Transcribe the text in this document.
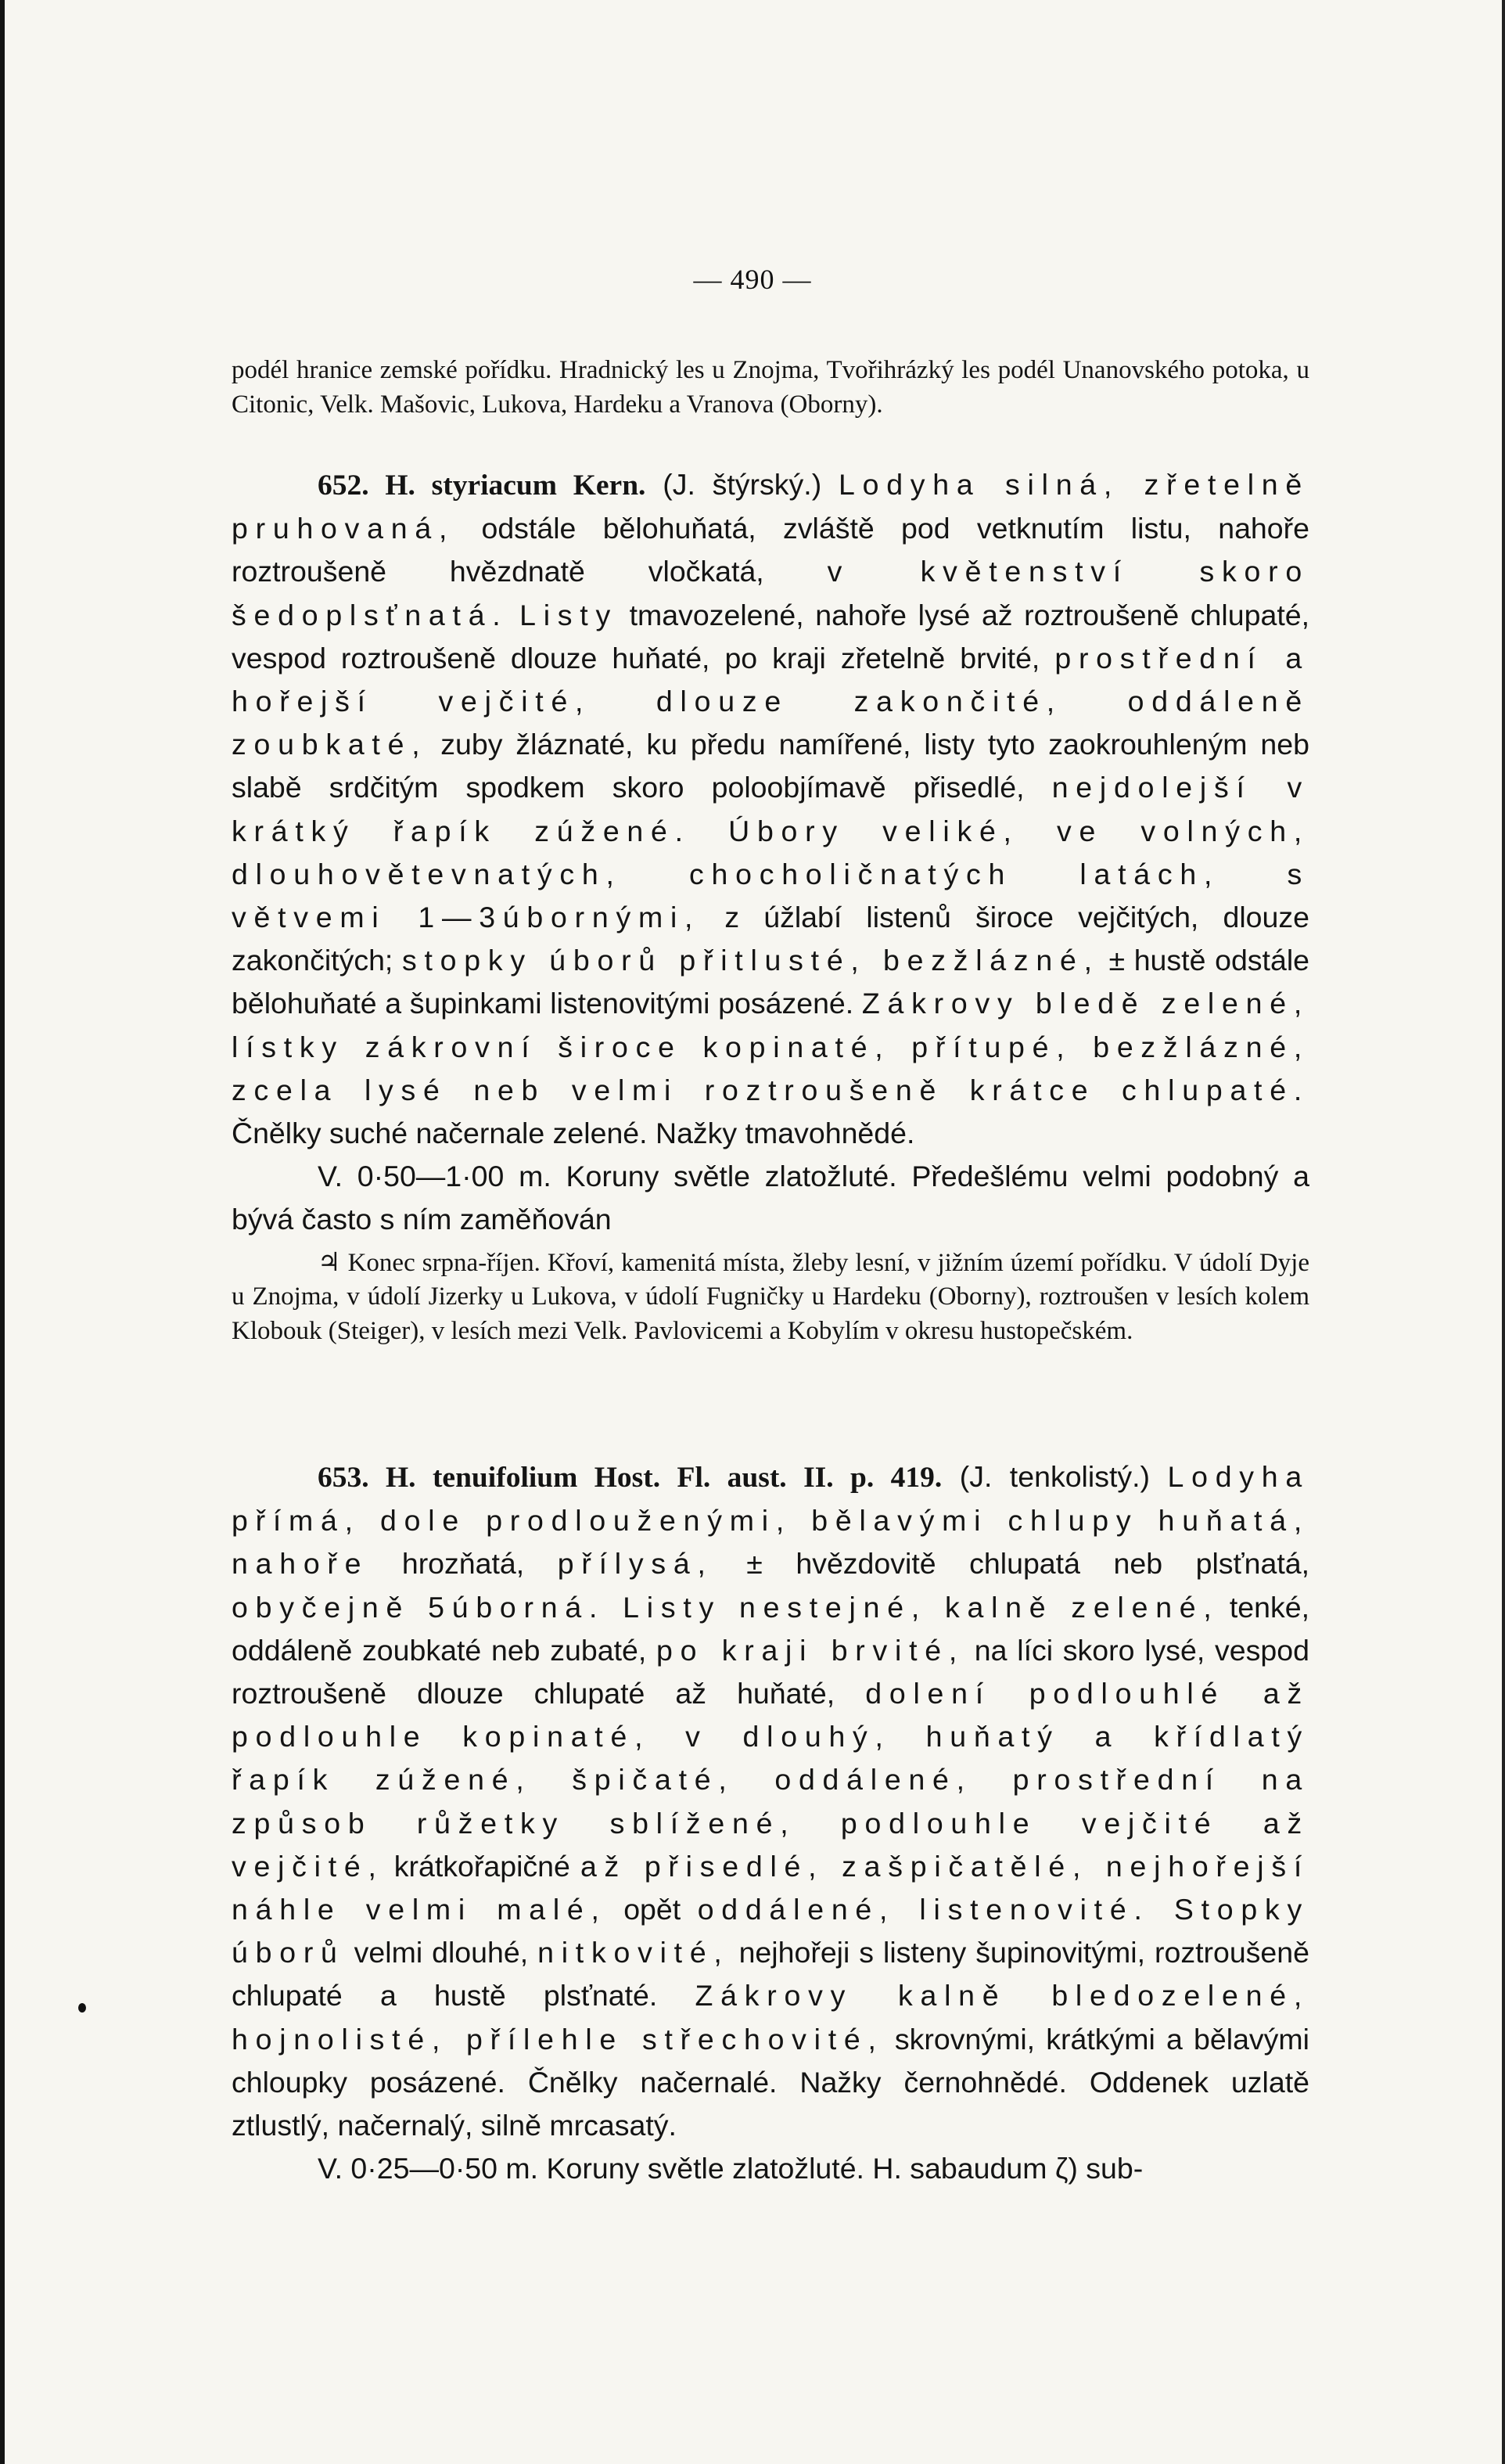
— 490 —

podél hranice zemské pořídku. Hradnický les u Znojma, Tvořihrázký les podél Unanovského potoka, u Citonic, Velk. Mašovic, Lukova, Hardeku a Vranova (Oborny).

652. H. styriacum Kern. (J. štýrský.) Lodyha silná, zřetelně pruhovaná, odstále bělohuňatá, zvláště pod vetknutím listu, nahoře roztroušeně hvězdnatě vločkatá, v květenství skoro šedoplsťnatá. Listy tmavozelené, nahoře lysé až roztroušeně chlupaté, vespod roztroušeně dlouze huňaté, po kraji zřetelně brvité, prostřední a hořejší vejčité, dlouze zakončité, oddáleně zoubkaté, zuby žláznaté, ku předu namířené, listy tyto zaokrouhleným neb slabě srdčitým spodkem skoro poloobjímavě přisedlé, nejdolejší v krátký řapík zúžené. Úbory veliké, ve volných, dlouhovětevnatých, chocholičnatých latách, s větvemi 1—3úbornými, z úžlabí listenů široce vejčitých, dlouze zakončitých; stopky úborů přitlusté, bezžlázné, ± hustě odstále bělohuňaté a šupinkami listenovitými posázené. Zákrovy bledě zelené, lístky zákrovní široce kopinaté, přítupé, bezžlázné, zcela lysé neb velmi roztroušeně krátce chlupaté. Čnělky suché načernale zelené. Nažky tmavohnědé.

V. 0·50—1·00 m. Koruny světle zlatožluté. Předešlému velmi podobný a bývá často s ním zaměňován

♃ Konec srpna-říjen. Křoví, kamenitá místa, žleby lesní, v jižním území pořídku. V údolí Dyje u Znojma, v údolí Jizerky u Lukova, v údolí Fugničky u Hardeku (Oborny), roztroušen v lesích kolem Klobouk (Steiger), v lesích mezi Velk. Pavlovicemi a Kobylím v okresu hustopečském.

653. H. tenuifolium Host. Fl. aust. II. p. 419. (J. tenkolistý.) Lodyha přímá, dole prodlouženými, bělavými chlupy huňatá, nahoře hrozňatá, přílysá, ± hvězdovitě chlupatá neb plsťnatá, obyčejně 5úborná. Listy nestejné, kalně zelené, tenké, oddáleně zoubkaté neb zubaté, po kraji brvité, na líci skoro lysé, vespod roztroušeně dlouze chlupaté až huňaté, dolení podlouhlé až podlouhle kopinaté, v dlouhý, huňatý a křídlatý řapík zúžené, špičaté, oddálené, prostřední na způsob růžetky sblížené, podlouhle vejčité až vejčité, krátkořapičné až přisedlé, zašpičatělé, nejhořejší náhle velmi malé, opět oddálené, listenovité. Stopky úborů velmi dlouhé, nitkovité, nejhořeji s listeny šupinovitými, roztroušeně chlupaté a hustě plsťnaté. Zákrovy kalně bledozelené, hojnolisté, přílehle střechovité, skrovnými, krátkými a bělavými chloupky posázené. Čnělky načernalé. Nažky černohnědé. Oddenek uzlatě ztlustlý, načernalý, silně mrcasatý.

V. 0·25—0·50 m. Koruny světle zlatožluté. H. sabaudum ζ) sub-
